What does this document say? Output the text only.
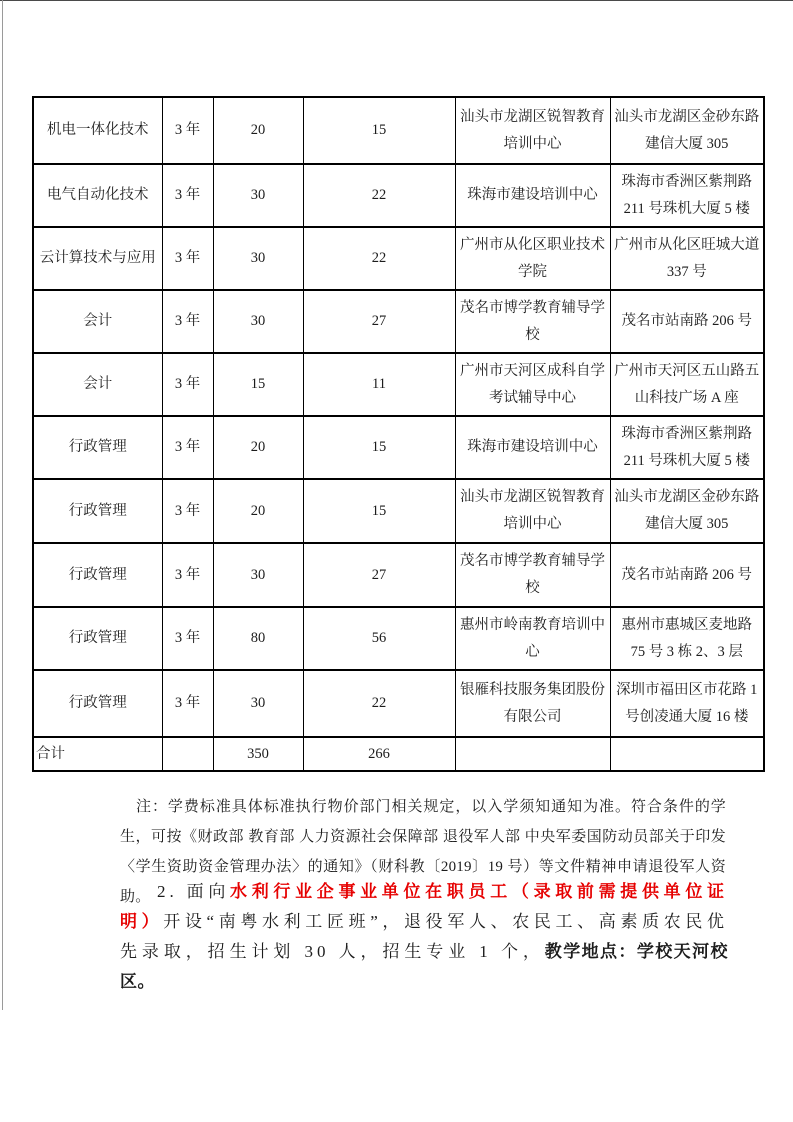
机电一体化技术	3 年	20	15	汕头市龙湖区锐智教育培训中心	汕头市龙湖区金砂东路建信大厦 305
电气自动化技术	3 年	30	22	珠海市建设培训中心	珠海市香洲区紫荆路 211 号珠机大厦 5 楼
云计算技术与应用	3 年	30	22	广州市从化区职业技术学院	广州市从化区旺城大道 337 号
会计	3 年	30	27	茂名市博学教育辅导学校	茂名市站南路 206 号
会计	3 年	15	11	广州市天河区成科自学考试辅导中心	广州市天河区五山路五山科技广场 A 座
行政管理	3 年	20	15	珠海市建设培训中心	珠海市香洲区紫荆路 211 号珠机大厦 5 楼
行政管理	3 年	20	15	汕头市龙湖区锐智教育培训中心	汕头市龙湖区金砂东路建信大厦 305
行政管理	3 年	30	27	茂名市博学教育辅导学校	茂名市站南路 206 号
行政管理	3 年	80	56	惠州市岭南教育培训中心	惠州市惠城区麦地路 75 号 3 栋 2、3 层
行政管理	3 年	30	22	银雁科技服务集团股份有限公司	深圳市福田区市花路 1 号创凌通大厦 16 楼
合计		350	266		

注：学费标准具体标准执行物价部门相关规定，以入学须知通知为准。符合条件的学生，可按《财政部 教育部 人力资源社会保障部 退役军人部 中央军委国防动员部关于印发〈学生资助资金管理办法〉的通知》（财科教〔2019〕19 号）等文件精神申请退役军人资助。 2. 面向水利行业企事业单位在职员工（录取前需提供单位证明）开设“南粤水利工匠班”，退役军人、农民工、高素质农民优先录取，招生计划 30 人，招生专业 1 个，教学地点：学校天河校区。
